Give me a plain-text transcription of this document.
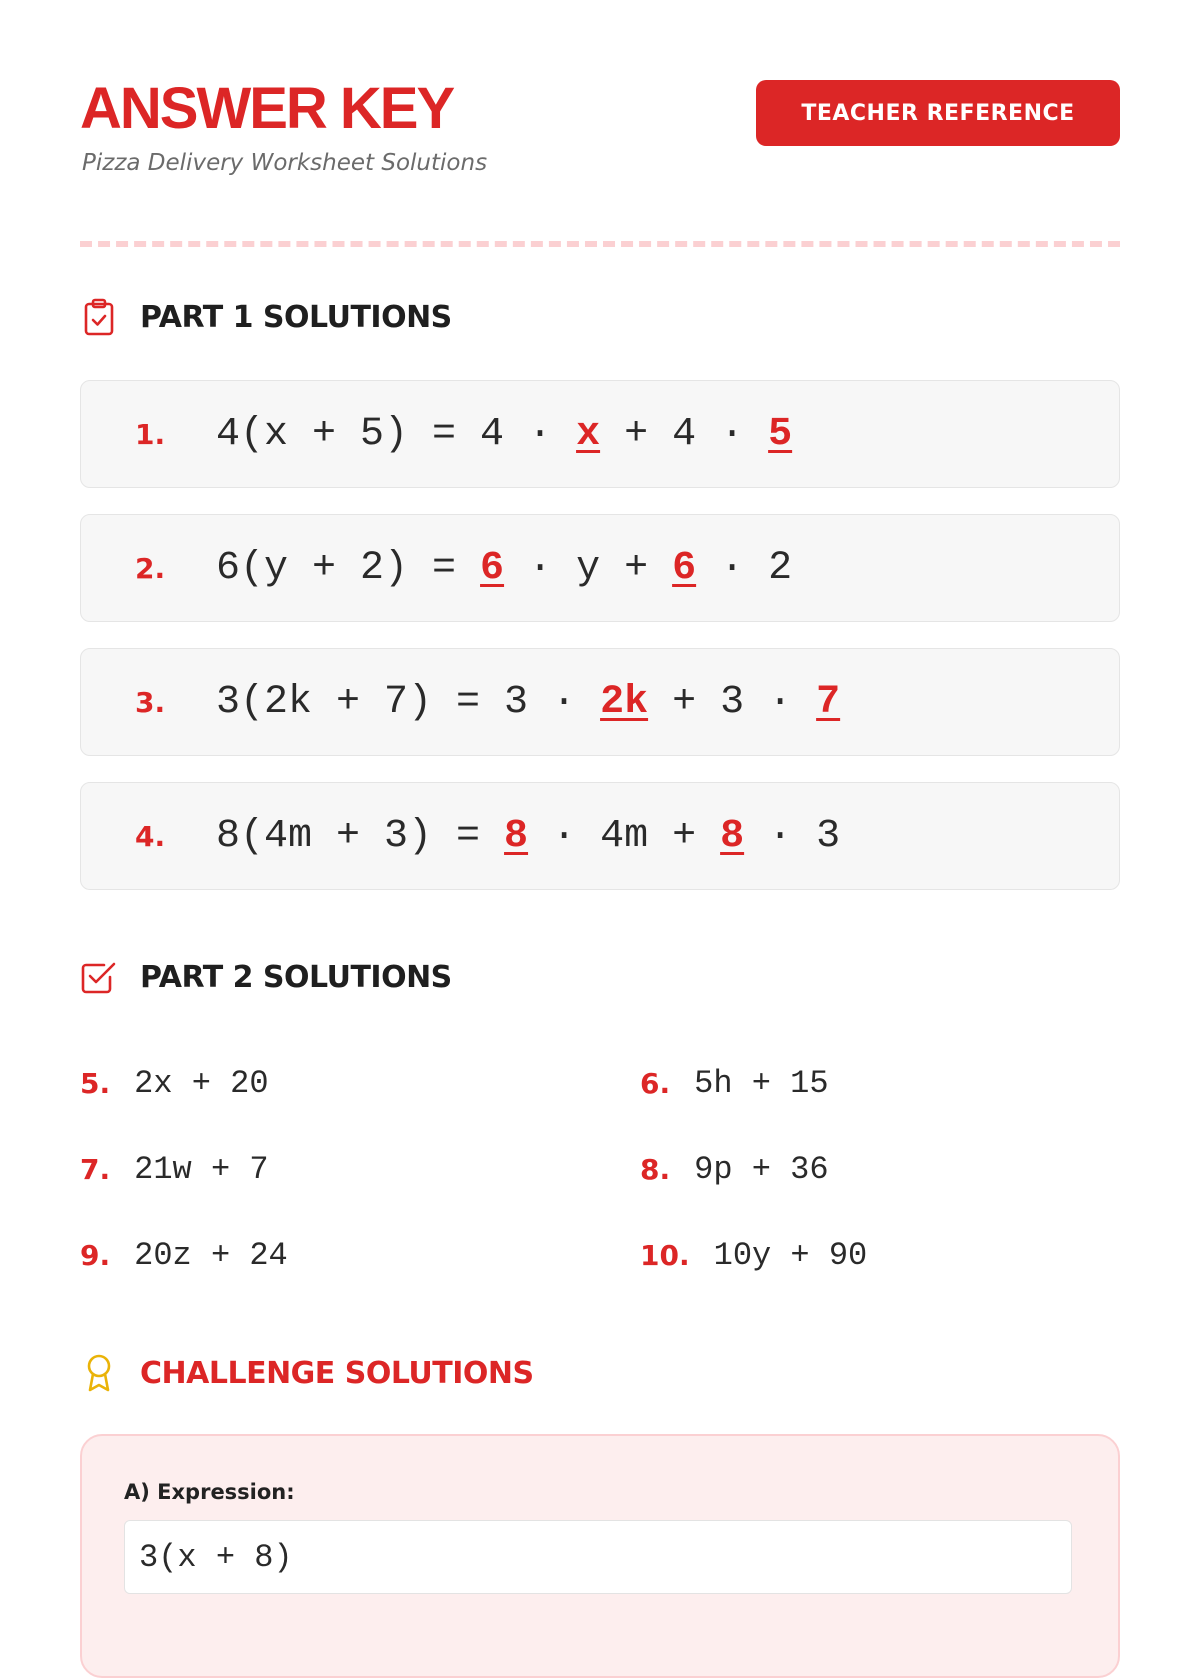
ANSWER KEY
Pizza Delivery Worksheet Solutions
TEACHER REFERENCE
PART 1 SOLUTIONS
1. 4(x + 5) = 4 · x + 4 · 5
2. 6(y + 2) = 6 · y + 6 · 2
3. 3(2k + 7) = 3 · 2k + 3 · 7
4. 8(4m + 3) = 8 · 4m + 8 · 3
PART 2 SOLUTIONS
5. 2x + 20	6. 5h + 15
7. 21w + 7	8. 9p + 36
9. 20z + 24	10. 10y + 90
CHALLENGE SOLUTIONS
A) Expression:
3(x + 8)
